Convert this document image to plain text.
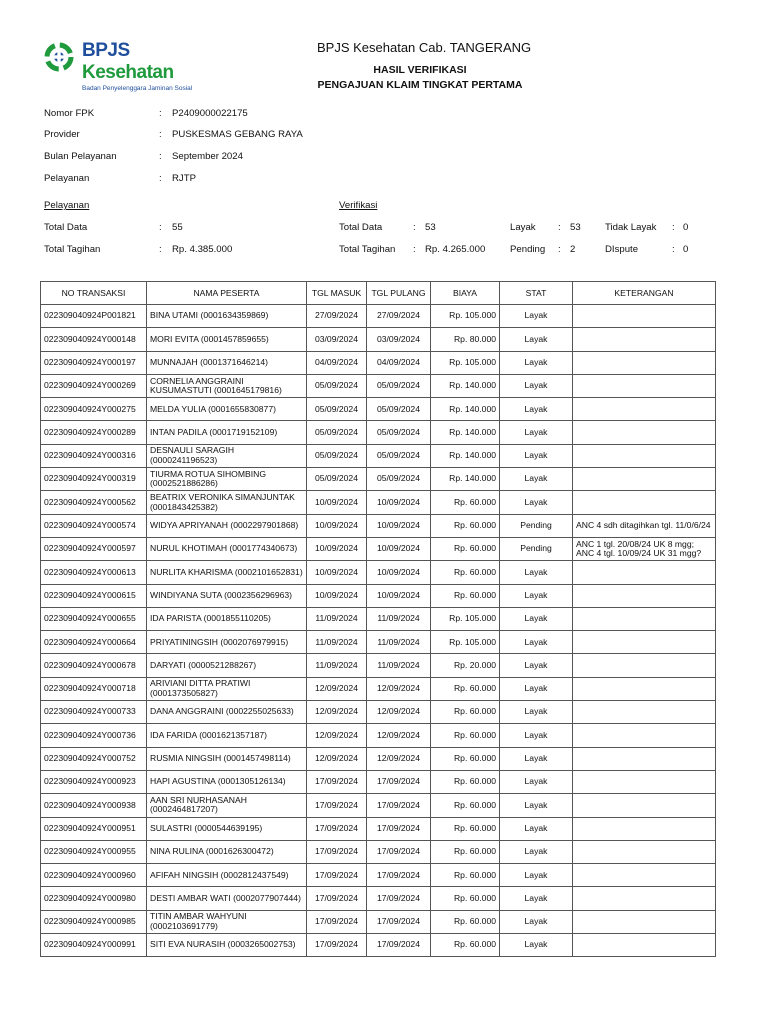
BPJS Kesehatan
Badan Penyelenggara Jaminan Sosial
BPJS Kesehatan Cab. TANGERANG
HASIL VERIFIKASI
PENGAJUAN KLAIM TINGKAT PERTAMA
Nomor FPK	: P2409000022175
Provider	: PUSKESMAS GEBANG RAYA
Bulan Pelayanan	: September 2024
Pelayanan	: RJTP
Pelayanan	Verifikasi
Total Data	: 55	Total Data	: 53	Layak : 53	Tidak Layak : 0
Total Tagihan	: Rp. 4.385.000	Total Tagihan : Rp. 4.265.000	Pending : 2	DIspute	: 0
NO TRANSAKSI	NAMA PESERTA	TGL MASUK	TGL PULANG	BIAYA	STAT	KETERANGAN
022309040924P001821	BINA UTAMI (0001634359869)	27/09/2024	27/09/2024	Rp. 105.000	Layak	
022309040924Y000148	MORI EVITA (0001457859655)	03/09/2024	03/09/2024	Rp. 80.000	Layak	
022309040924Y000197	MUNNAJAH (0001371646214)	04/09/2024	04/09/2024	Rp. 105.000	Layak	
022309040924Y000269	CORNELIA ANGGRAINI KUSUMASTUTI (0001645179816)	05/09/2024	05/09/2024	Rp. 140.000	Layak	
022309040924Y000275	MELDA YULIA (0001655830877)	05/09/2024	05/09/2024	Rp. 140.000	Layak	
022309040924Y000289	INTAN PADILA (0001719152109)	05/09/2024	05/09/2024	Rp. 140.000	Layak	
022309040924Y000316	DESNAULI SARAGIH (0000241196523)	05/09/2024	05/09/2024	Rp. 140.000	Layak	
022309040924Y000319	TIURMA ROTUA SIHOMBING (0002521886286)	05/09/2024	05/09/2024	Rp. 140.000	Layak	
022309040924Y000562	BEATRIX VERONIKA SIMANJUNTAK (0001843425382)	10/09/2024	10/09/2024	Rp. 60.000	Layak	
022309040924Y000574	WIDYA APRIYANAH (0002297901868)	10/09/2024	10/09/2024	Rp. 60.000	Pending	ANC 4 sdh ditagihkan tgl. 11/0/6/24
022309040924Y000597	NURUL KHOTIMAH (0001774340673)	10/09/2024	10/09/2024	Rp. 60.000	Pending	ANC 1 tgl. 20/08/24 UK 8 mgg; ANC 4 tgl. 10/09/24 UK 31 mgg?
022309040924Y000613	NURLITA KHARISMA (0002101652831)	10/09/2024	10/09/2024	Rp. 60.000	Layak	
022309040924Y000615	WINDIYANA SUTA (0002356296963)	10/09/2024	10/09/2024	Rp. 60.000	Layak	
022309040924Y000655	IDA PARISTA (0001855110205)	11/09/2024	11/09/2024	Rp. 105.000	Layak	
022309040924Y000664	PRIYATININGSIH (0002076979915)	11/09/2024	11/09/2024	Rp. 105.000	Layak	
022309040924Y000678	DARYATI (0000521288267)	11/09/2024	11/09/2024	Rp. 20.000	Layak	
022309040924Y000718	ARIVIANI DITTA PRATIWI (0001373505827)	12/09/2024	12/09/2024	Rp. 60.000	Layak	
022309040924Y000733	DANA ANGGRAINI (0002255025633)	12/09/2024	12/09/2024	Rp. 60.000	Layak	
022309040924Y000736	IDA FARIDA (0001621357187)	12/09/2024	12/09/2024	Rp. 60.000	Layak	
022309040924Y000752	RUSMIA NINGSIH (0001457498114)	12/09/2024	12/09/2024	Rp. 60.000	Layak	
022309040924Y000923	HAPI AGUSTINA (0001305126134)	17/09/2024	17/09/2024	Rp. 60.000	Layak	
022309040924Y000938	AAN SRI NURHASANAH (0002464817207)	17/09/2024	17/09/2024	Rp. 60.000	Layak	
022309040924Y000951	SULASTRI (0000544639195)	17/09/2024	17/09/2024	Rp. 60.000	Layak	
022309040924Y000955	NINA RULINA (0001626300472)	17/09/2024	17/09/2024	Rp. 60.000	Layak	
022309040924Y000960	AFIFAH NINGSIH (0002812437549)	17/09/2024	17/09/2024	Rp. 60.000	Layak	
022309040924Y000980	DESTI AMBAR WATI (0002077907444)	17/09/2024	17/09/2024	Rp. 60.000	Layak	
022309040924Y000985	TITIN AMBAR WAHYUNI (0002103691779)	17/09/2024	17/09/2024	Rp. 60.000	Layak	
022309040924Y000991	SITI EVA NURASIH (0003265002753)	17/09/2024	17/09/2024	Rp. 60.000	Layak	
